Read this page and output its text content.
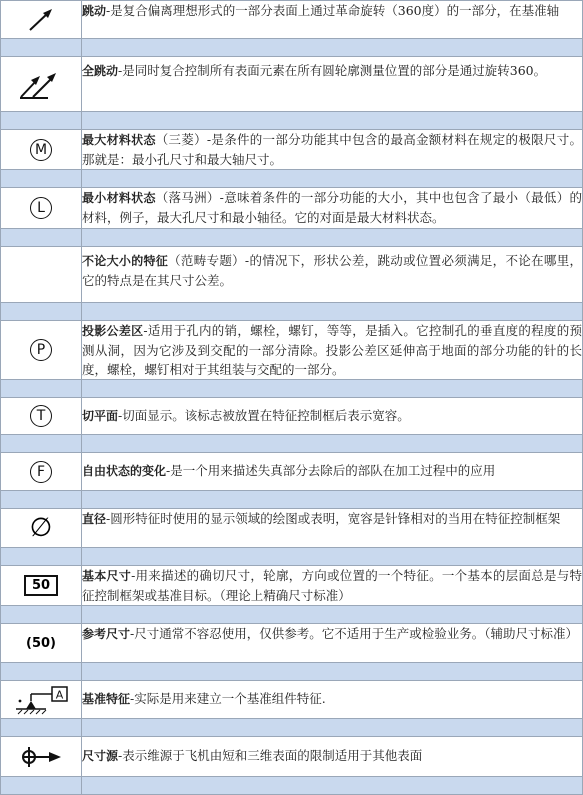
	跳动-是复合偏离理想形式的一部分表面上通过革命旋转（360度）的一部分，在基准轴

	全跳动-是同时复合控制所有表面元素在所有圆轮廓测量位置的部分是通过旋转360。

M	最大材料状态（三菱）-是条件的一部分功能其中包含的最高金额材料在规定的极限尺寸。那就是：最小孔尺寸和最大轴尺寸。

L	最小材料状态（落马洲）-意味着条件的一部分功能的大小，其中也包含了最小（最低）的材料，例子，最大孔尺寸和最小轴径。它的对面是最大材料状态。

	不论大小的特征（范畴专题）-的情况下，形状公差，跳动或位置必须满足，不论在哪里，它的特点是在其尺寸公差。

P	投影公差区-适用于孔内的销，螺栓，螺钉，等等，是插入。它控制孔的垂直度的程度的预测从洞，因为它涉及到交配的一部分清除。投影公差区延伸高于地面的部分功能的针的长度，螺栓，螺钉相对于其组装与交配的一部分。

T	切平面-切面显示。该标志被放置在特征控制框后表示宽容。

F	自由状态的变化-是一个用来描述失真部分去除后的部队在加工过程中的应用

∅	直径-圆形特征时使用的显示领域的绘图或表明，宽容是针锋相对的当用在特征控制框架

50	基本尺寸-用来描述的确切尺寸，轮廓，方向或位置的一个特征。一个基本的层面总是与特征控制框架或基准目标。（理论上精确尺寸标准）

(50)	参考尺寸-尺寸通常不容忍使用，仅供参考。它不适用于生产或检验业务。（辅助尺寸标准）

A	基准特征-实际是用来建立一个基准组件特征.

	尺寸源-表示维源于飞机由短和三维表面的限制适用于其他表面
